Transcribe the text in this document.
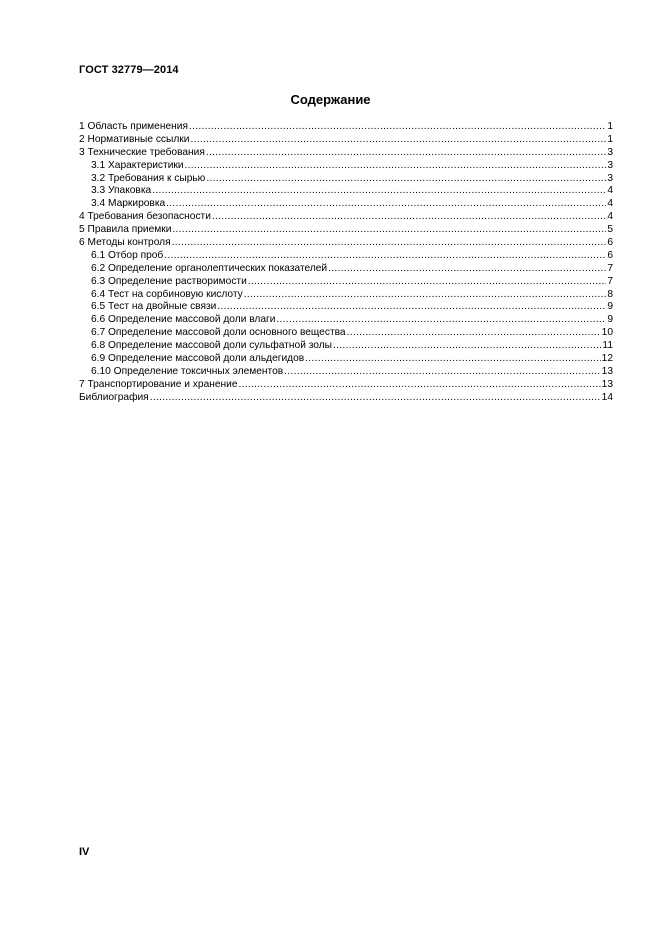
ГОСТ 32779—2014
Содержание
1 Область применения .....	1
2 Нормативные ссылки .....	1
3 Технические требования .....	3
3.1 Характеристики .....	3
3.2 Требования к сырью .....	3
3.3 Упаковка .....	4
3.4 Маркировка .....	4
4 Требования безопасности .....	4
5 Правила приемки .....	5
6 Методы контроля .....	6
6.1 Отбор проб .....	6
6.2 Определение органолептических показателей .....	7
6.3 Определение растворимости .....	7
6.4 Тест на сорбиновую кислоту .....	8
6.5 Тест на двойные связи .....	9
6.6 Определение массовой доли влаги .....	9
6.7 Определение массовой доли основного вещества .....	10
6.8 Определение массовой доли сульфатной золы .....	11
6.9 Определение массовой доли альдегидов .....	12
6.10 Определение токсичных элементов .....	13
7 Транспортирование и хранение .....	13
Библиография .....	14
IV
